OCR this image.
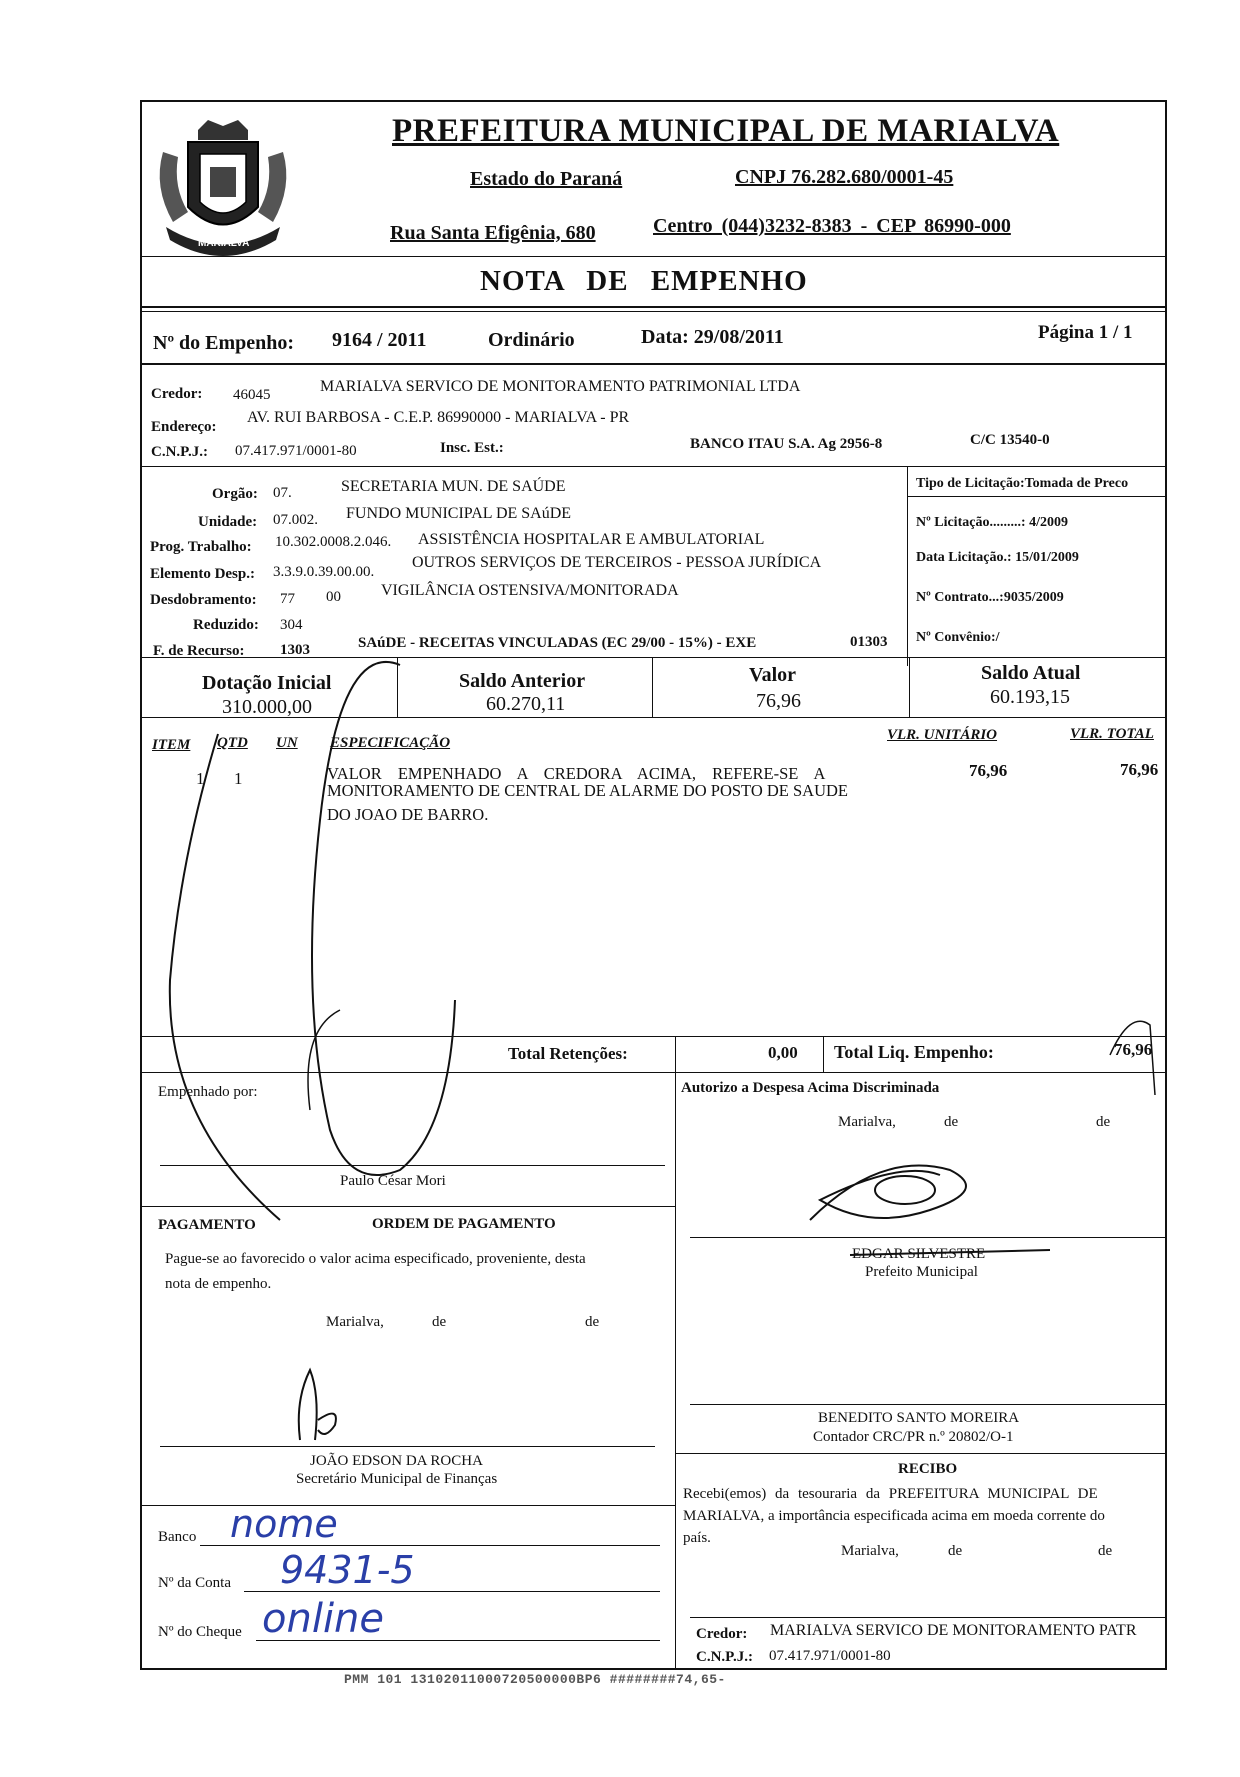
MARIALVA
PREFEITURA MUNICIPAL DE MARIALVA
Estado do Paraná	CNPJ 76.282.680/0001-45
Rua Santa Efigênia, 680	Centro (044)3232-8383 - CEP 86990-000
NOTA DE EMPENHO
Nº do Empenho: 9164 / 2011	Ordinário	Data: 29/08/2011	Página 1 / 1
Credor: 46045	MARIALVA SERVICO DE MONITORAMENTO PATRIMONIAL LTDA
Endereço:
AV. RUI BARBOSA - C.E.P. 86990000 - MARIALVA - PR
C.N.P.J.: 07.417.971/0001-80	Insc. Est.:	BANCO ITAU S.A. Ag 2956-8	C/C 13540-0
Orgão: 07.	SECRETARIA MUN. DE SAÚDE
Unidade: 07.002. FUNDO MUNICIPAL DE SAúDE
Prog. Trabalho: 10.302.0008.2.046. ASSISTÊNCIA HOSPITALAR E AMBULATORIAL
Elemento Desp.: 3.3.9.0.39.00.00.
OUTROS SERVIÇOS DE TERCEIROS - PESSOA JURÍDICA
Desdobramento: 77 00	VIGILÂNCIA OSTENSIVA/MONITORADA
Reduzido: 304
F. de Recurso: 1303	SAúDE - RECEITAS VINCULADAS (EC 29/00 - 15%) - EXE	01303
Tipo de Licitação:Tomada de Preco
Nº Licitação.........: 4/2009
Data Licitação.: 15/01/2009
Nº Contrato...:9035/2009
Nº Convênio:/
Dotação Inicial
310.000,00
Saldo Anterior
60.270,11
Valor
76,96
Saldo Atual
60.193,15
ITEM QTD UN ESPECIFICAÇÃO	VLR. UNITÁRIO	VLR. TOTAL
1 1	VALOR EMPENHADO A CREDORA ACIMA, REFERE-SE A
MONITORAMENTO DE CENTRAL DE ALARME DO POSTO DE SAUDE
DO JOAO DE BARRO.
76,96	76,96
Total Retenções:	0,00 Total Liq. Empenho:	76,96
Empenhado por:
Paulo César Mori
Autorizo a Despesa Acima Discriminada
Marialva,	de	de
EDGAR SILVESTRE
Prefeito Municipal
PAGAMENTO	ORDEM DE PAGAMENTO
Pague-se ao favorecido o valor acima especificado, proveniente, desta
nota de empenho.
Marialva,	de	de
JOÃO EDSON DA ROCHA
Secretário Municipal de Finanças
BENEDITO SANTO MOREIRA
Contador CRC/PR n.º 20802/O-1
RECIBO
Recebi(emos) da tesouraria da PREFEITURA MUNICIPAL DE
MARIALVA, a importância especificada acima em moeda corrente do
país.
Marialva,	de	de
Credor: MARIALVA SERVICO DE MONITORAMENTO PATR
C.N.P.J.: 07.417.971/0001-80
Banco nome
Nº da Conta 9431-5
Nº do Cheque online
PMM 101 13102011000720500000BP6 ########74,65-
